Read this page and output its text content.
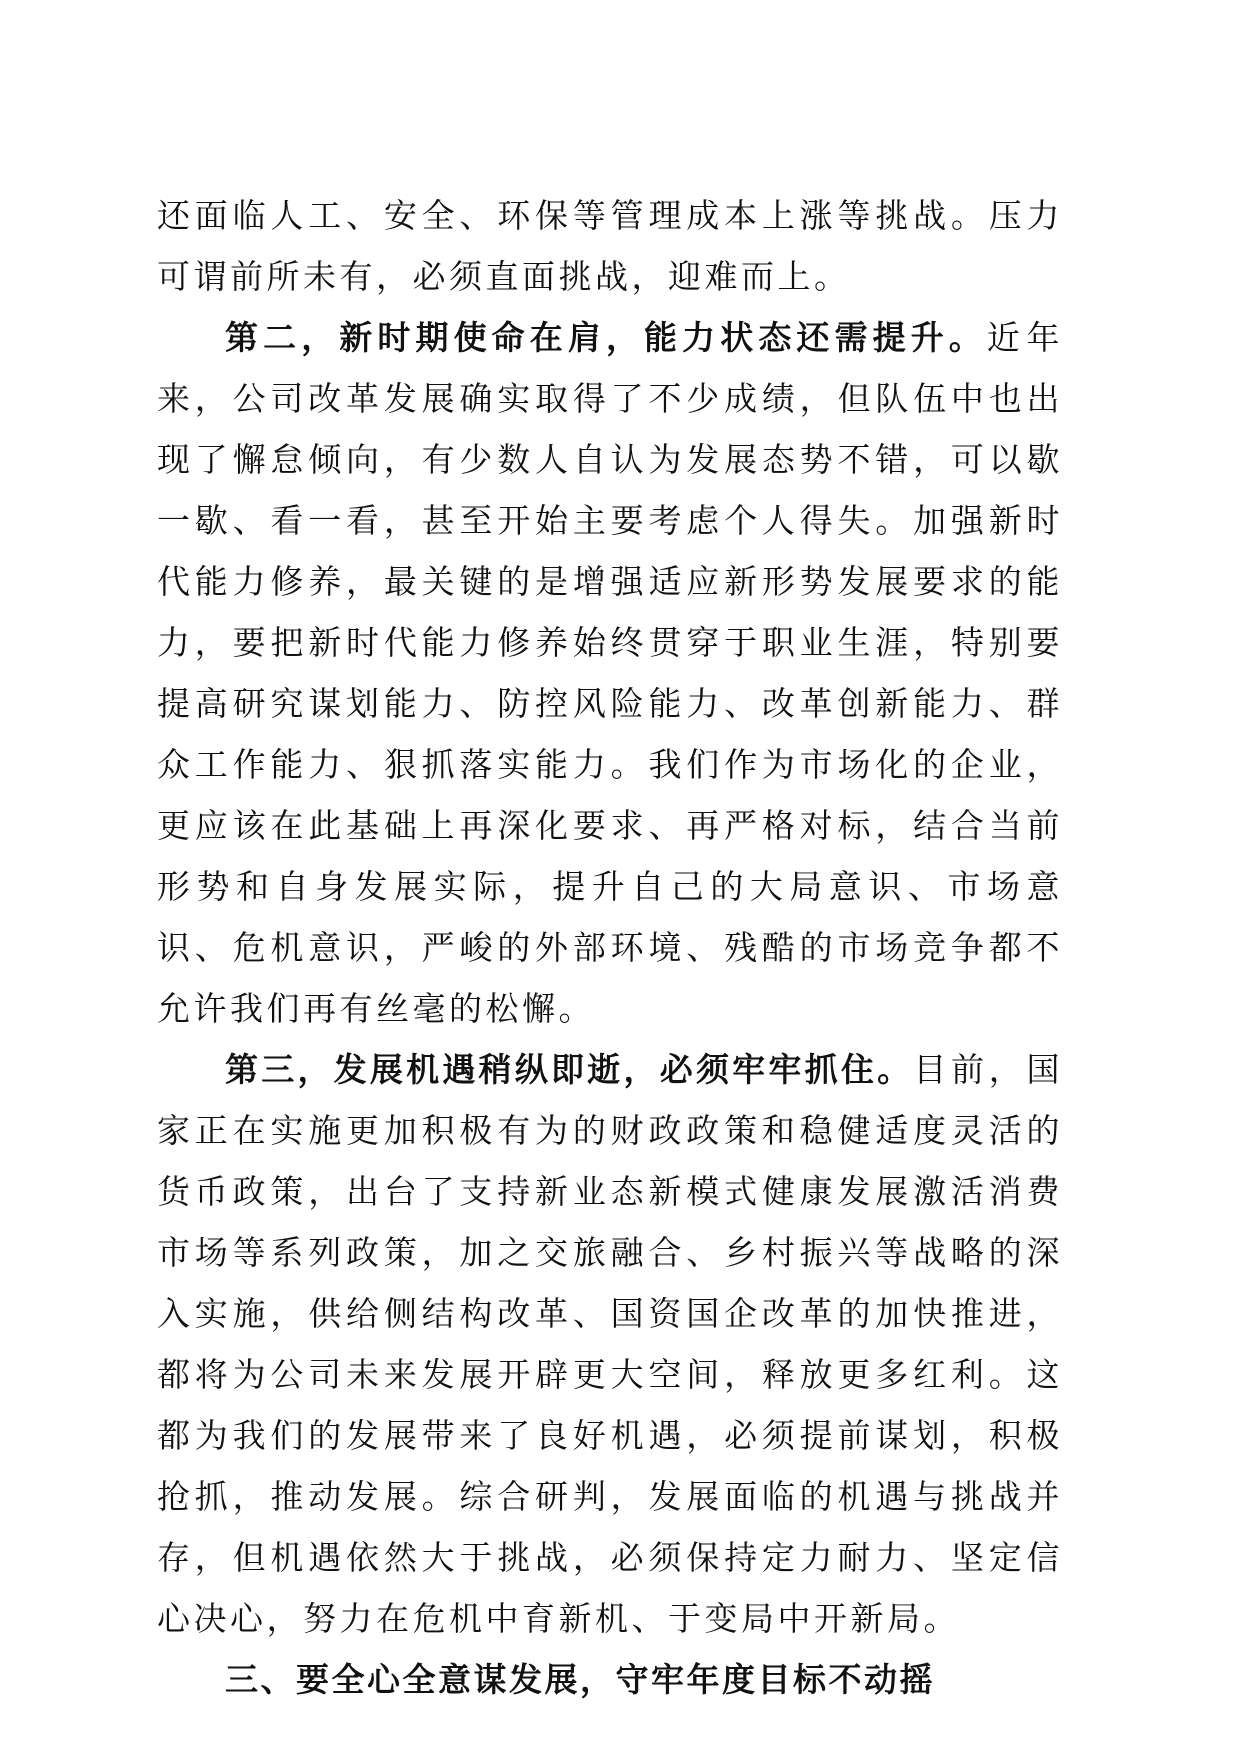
还面临人工、安全、环保等管理成本上涨等挑战。压力可谓前所未有，必须直面挑战，迎难而上。

第二，新时期使命在肩，能力状态还需提升。近年来，公司改革发展确实取得了不少成绩，但队伍中也出现了懈怠倾向，有少数人自认为发展态势不错，可以歇一歇、看一看，甚至开始主要考虑个人得失。加强新时代能力修养，最关键的是增强适应新形势发展要求的能力，要把新时代能力修养始终贯穿于职业生涯，特别要提高研究谋划能力、防控风险能力、改革创新能力、群众工作能力、狠抓落实能力。我们作为市场化的企业，更应该在此基础上再深化要求、再严格对标，结合当前形势和自身发展实际，提升自己的大局意识、市场意识、危机意识，严峻的外部环境、残酷的市场竞争都不允许我们再有丝毫的松懈。

第三，发展机遇稍纵即逝，必须牢牢抓住。目前，国家正在实施更加积极有为的财政政策和稳健适度灵活的货币政策，出台了支持新业态新模式健康发展激活消费市场等系列政策，加之交旅融合、乡村振兴等战略的深入实施，供给侧结构改革、国资国企改革的加快推进，都将为公司未来发展开辟更大空间，释放更多红利。这都为我们的发展带来了良好机遇，必须提前谋划，积极抢抓，推动发展。综合研判，发展面临的机遇与挑战并存，但机遇依然大于挑战，必须保持定力耐力、坚定信心决心，努力在危机中育新机、于变局中开新局。

三、要全心全意谋发展，守牢年度目标不动摇
